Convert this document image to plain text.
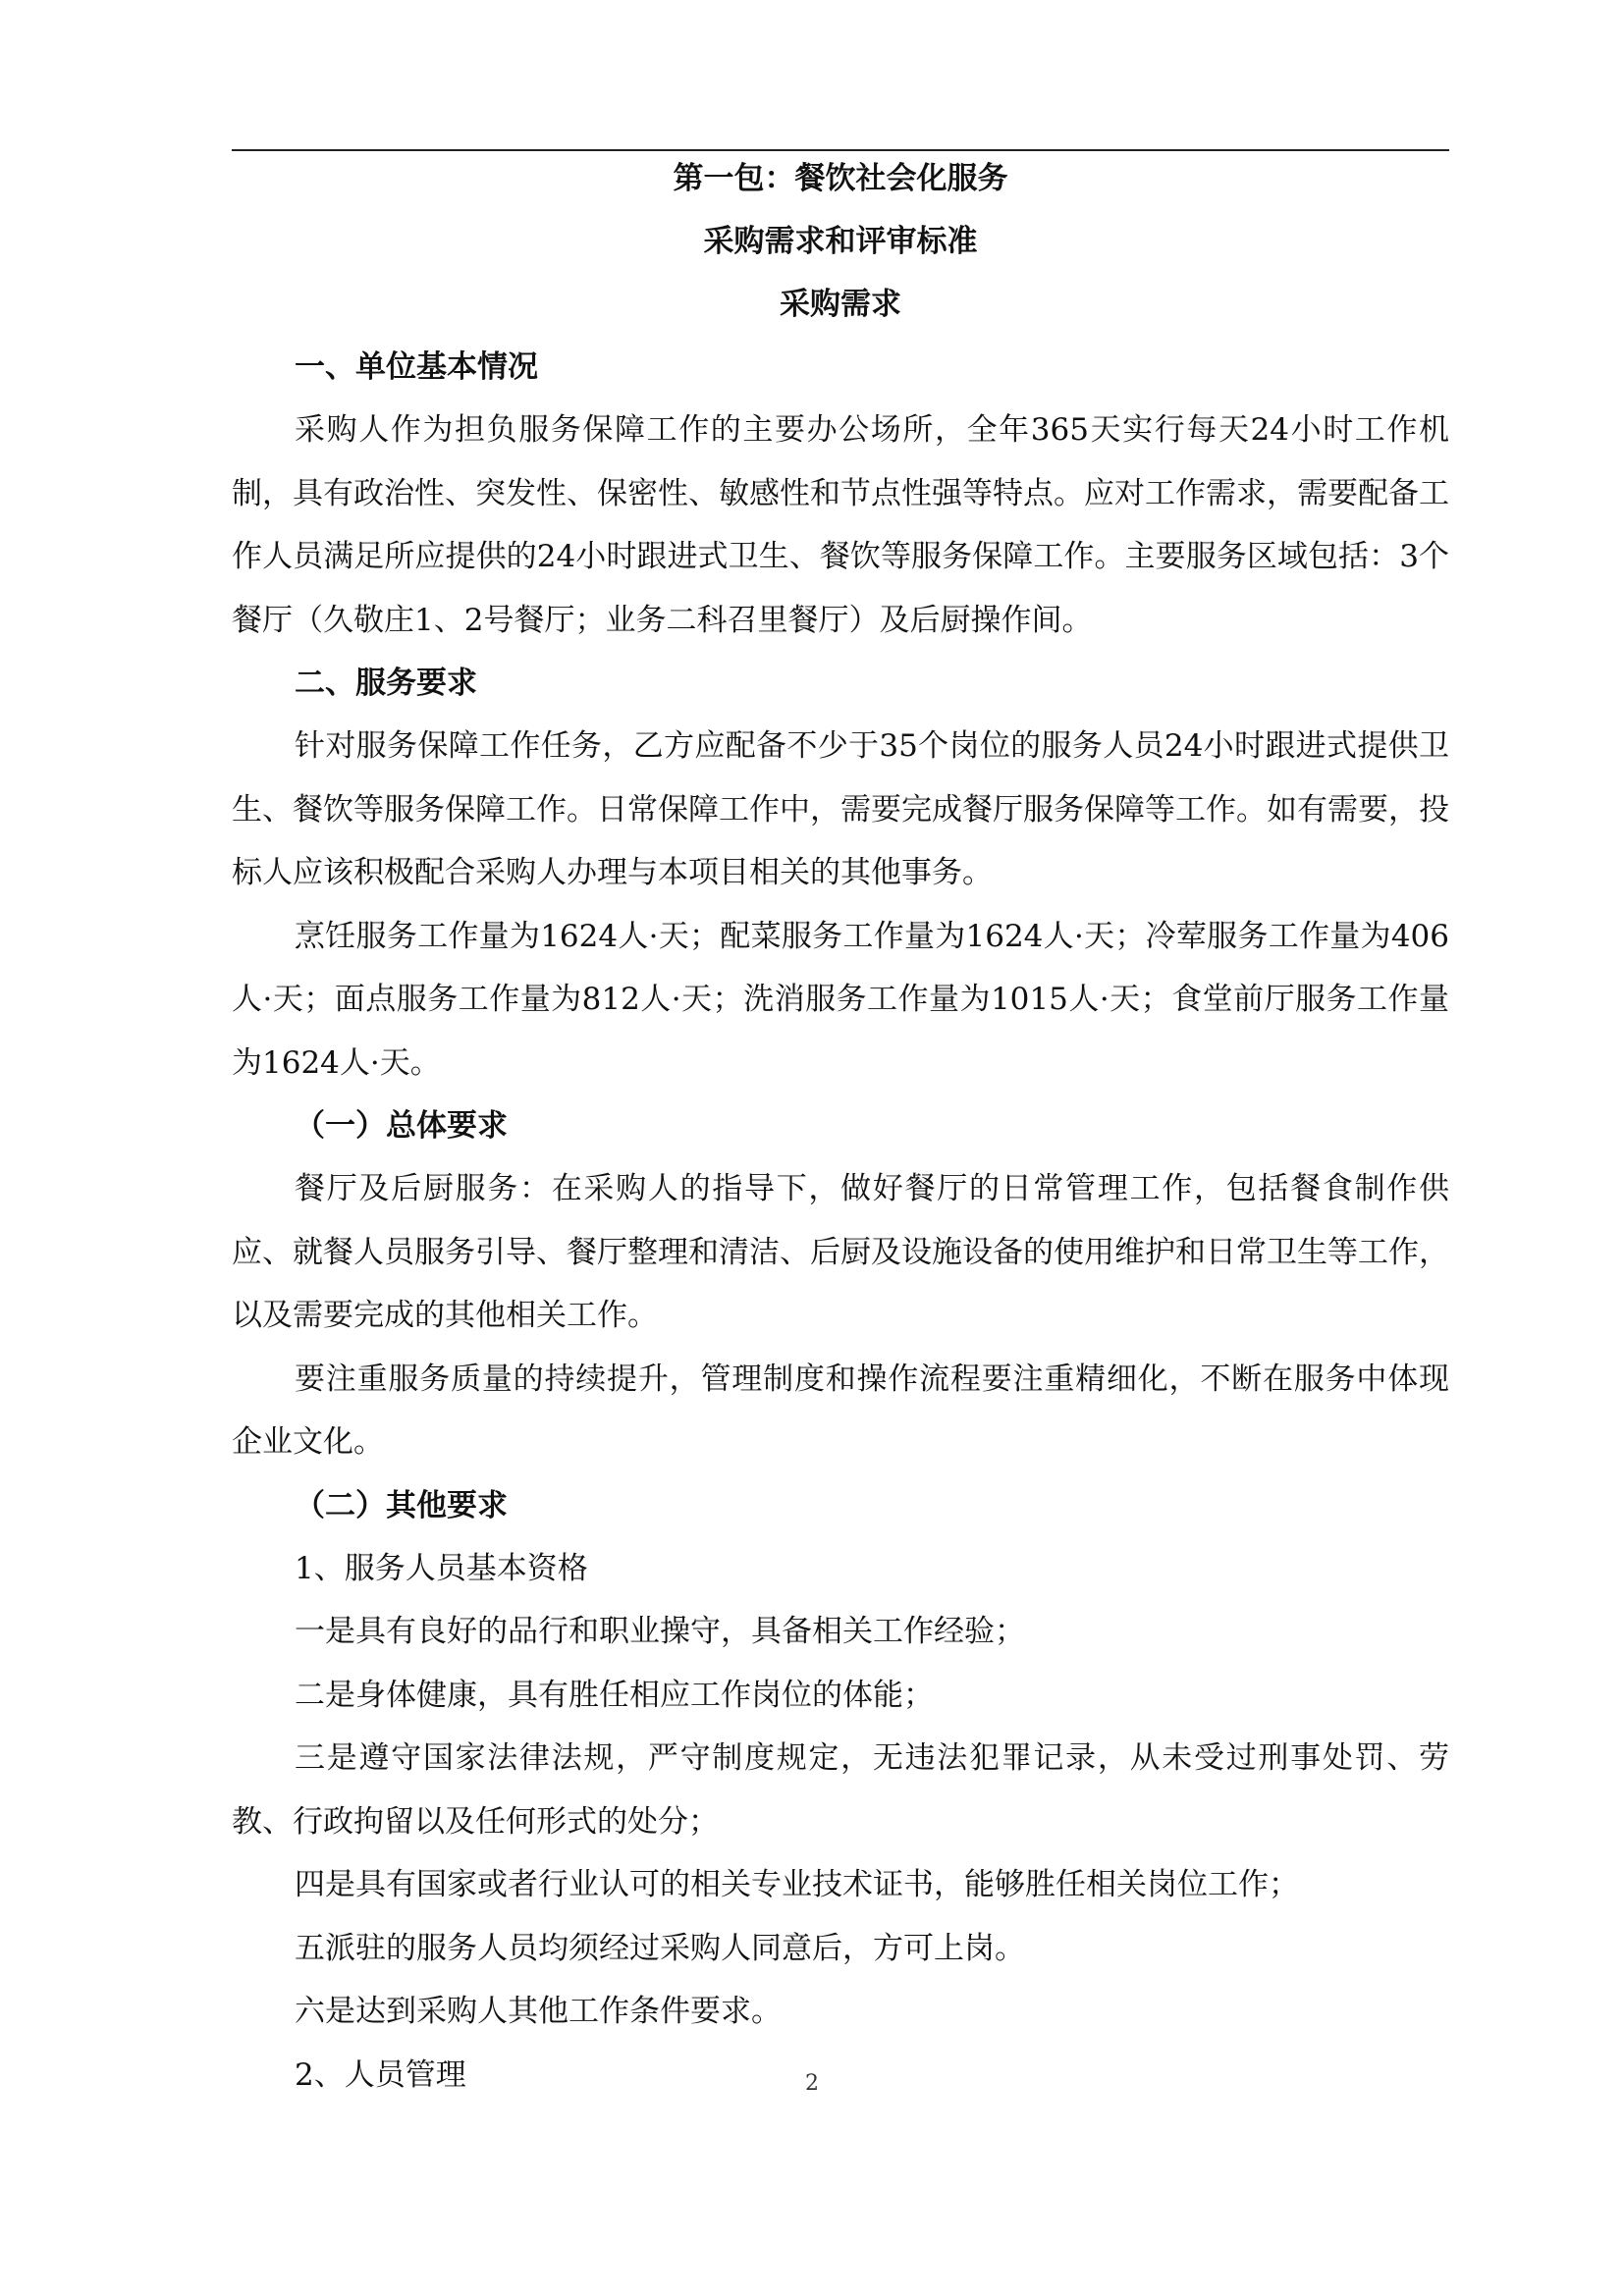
第一包：餐饮社会化服务

采购需求和评审标准

采购需求

一、单位基本情况

采购人作为担负服务保障工作的主要办公场所，全年365天实行每天24小时工作机制，具有政治性、突发性、保密性、敏感性和节点性强等特点。应对工作需求，需要配备工作人员满足所应提供的24小时跟进式卫生、餐饮等服务保障工作。主要服务区域包括：3个餐厅（久敬庄1、2号餐厅；业务二科召里餐厅）及后厨操作间。

二、服务要求

针对服务保障工作任务，乙方应配备不少于35个岗位的服务人员24小时跟进式提供卫生、餐饮等服务保障工作。日常保障工作中，需要完成餐厅服务保障等工作。如有需要，投标人应该积极配合采购人办理与本项目相关的其他事务。

烹饪服务工作量为1624人·天；配菜服务工作量为1624人·天；冷荤服务工作量为406人·天；面点服务工作量为812人·天；洗消服务工作量为1015人·天；食堂前厅服务工作量为1624人·天。

（一）总体要求

餐厅及后厨服务：在采购人的指导下，做好餐厅的日常管理工作，包括餐食制作供应、就餐人员服务引导、餐厅整理和清洁、后厨及设施设备的使用维护和日常卫生等工作，以及需要完成的其他相关工作。

要注重服务质量的持续提升，管理制度和操作流程要注重精细化，不断在服务中体现企业文化。

（二）其他要求

1、服务人员基本资格

一是具有良好的品行和职业操守，具备相关工作经验；

二是身体健康，具有胜任相应工作岗位的体能；

三是遵守国家法律法规，严守制度规定，无违法犯罪记录，从未受过刑事处罚、劳教、行政拘留以及任何形式的处分；

四是具有国家或者行业认可的相关专业技术证书，能够胜任相关岗位工作；

五派驻的服务人员均须经过采购人同意后，方可上岗。

六是达到采购人其他工作条件要求。

2、人员管理	2
